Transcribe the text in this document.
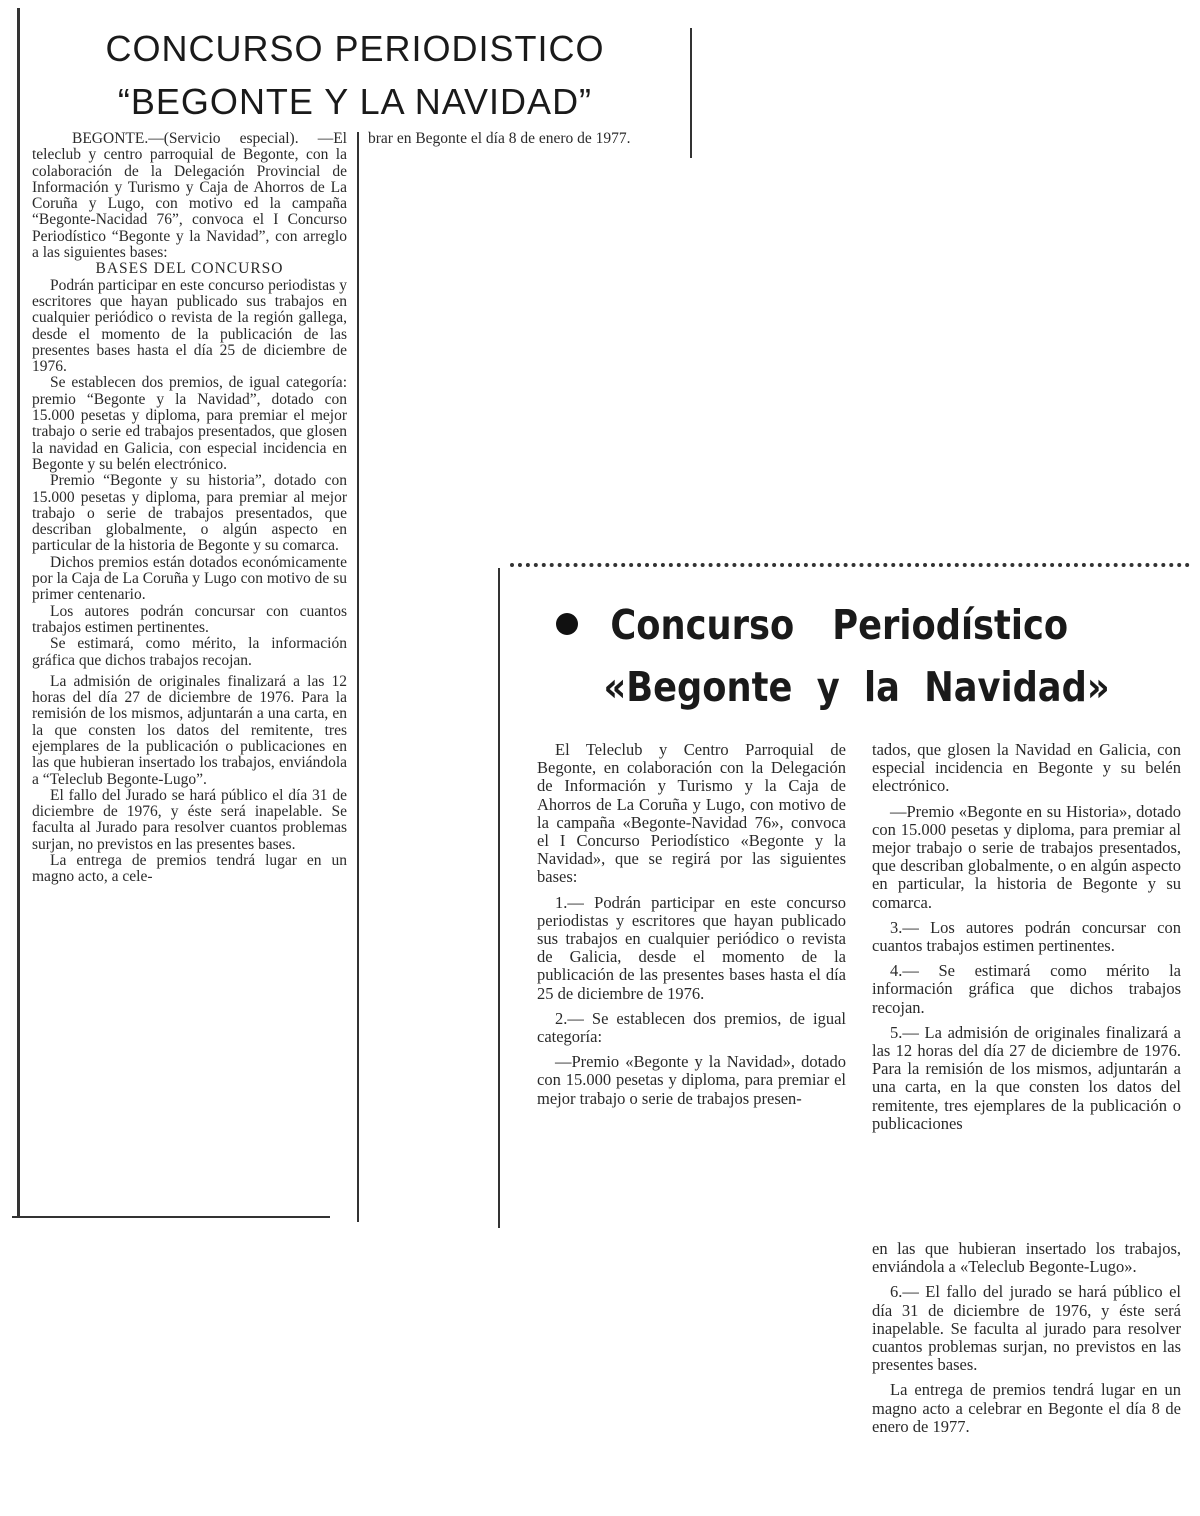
CONCURSO PERIODISTICO
“BEGONTE Y LA NAVIDAD”

BEGONTE.—(Servicio especial). —El teleclub y centro parroquial de Begonte, con la colaboración de la Delegación Provincial de Información y Turismo y Caja de Ahorros de La Coruña y Lugo, con motivo ed la campaña “Begonte-Nacidad 76”, convoca el I Concurso Periodístico “Begonte y la Navidad”, con arreglo a las siguientes bases:

BASES DEL CONCURSO

Podrán participar en este concurso periodistas y escritores que hayan publicado sus trabajos en cualquier periódico o revista de la región gallega, desde el momento de la publicación de las presentes bases hasta el día 25 de diciembre de 1976.

Se establecen dos premios, de igual categoría: premio “Begonte y la Navidad”, dotado con 15.000 pesetas y diploma, para premiar el mejor trabajo o serie ed trabajos presentados, que glosen la navidad en Galicia, con especial incidencia en Begonte y su belén electrónico.

Premio “Begonte y su historia”, dotado con 15.000 pesetas y diploma, para premiar al mejor trabajo o serie de trabajos presentados, que describan globalmente, o algún aspecto en particular de la historia de Begonte y su comarca.

Dichos premios están dotados económicamente por la Caja de La Coruña y Lugo con motivo de su primer centenario.

Los autores podrán concursar con cuantos trabajos estimen pertinentes.

Se estimará, como mérito, la información gráfica que dichos trabajos recojan.

La admisión de originales finalizará a las 12 horas del día 27 de diciembre de 1976. Para la remisión de los mismos, adjuntarán a una carta, en la que consten los datos del remitente, tres ejemplares de la publicación o publicaciones en las que hubieran insertado los trabajos, enviándola a “Teleclub Begonte-Lugo”.

El fallo del Jurado se hará público el día 31 de diciembre de 1976, y éste será inapelable. Se faculta al Jurado para resolver cuantos problemas surjan, no previstos en las presentes bases.

La entrega de premios tendrá lugar en un magno acto, a cele-

brar en Begonte el día 8 de enero de 1977.

Concurso Periodístico
«Begonte y la Navidad»

El Teleclub y Centro Parroquial de Begonte, en colaboración con la Delegación de Información y Turismo y la Caja de Ahorros de La Coruña y Lugo, con motivo de la campaña «Begonte-Navidad 76», convoca el I Concurso Periodístico «Begonte y la Navidad», que se regirá por las siguientes bases:

1.— Podrán participar en este concurso periodistas y escritores que hayan publicado sus trabajos en cualquier periódico o revista de Galicia, desde el momento de la publicación de las presentes bases hasta el día 25 de diciembre de 1976.

2.— Se establecen dos premios, de igual categoría:

—Premio «Begonte y la Navidad», dotado con 15.000 pesetas y diploma, para premiar el mejor trabajo o serie de trabajos presen-

tados, que glosen la Navidad en Galicia, con especial incidencia en Begonte y su belén electrónico.

—Premio «Begonte en su Historia», dotado con 15.000 pesetas y diploma, para premiar al mejor trabajo o serie de trabajos presentados, que describan globalmente, o en algún aspecto en particular, la historia de Begonte y su comarca.

3.— Los autores podrán concursar con cuantos trabajos estimen pertinentes.

4.— Se estimará como mérito la información gráfica que dichos trabajos recojan.

5.— La admisión de originales finalizará a las 12 horas del día 27 de diciembre de 1976. Para la remisión de los mismos, adjuntarán a una carta, en la que consten los datos del remitente, tres ejemplares de la publicación o publicaciones

en las que hubieran insertado los trabajos, enviándola a «Teleclub Begonte-Lugo».

6.— El fallo del jurado se hará público el día 31 de diciembre de 1976, y éste será inapelable. Se faculta al jurado para resolver cuantos problemas surjan, no previstos en las presentes bases.

La entrega de premios tendrá lugar en un magno acto a celebrar en Begonte el día 8 de enero de 1977.
